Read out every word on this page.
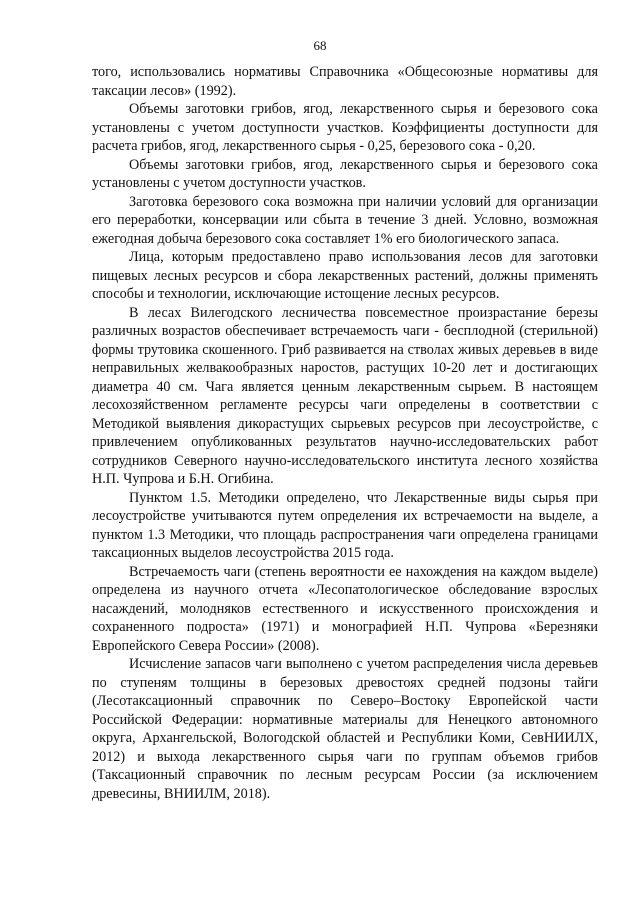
68

того, использовались нормативы Справочника «Общесоюзные нормативы для таксации лесов» (1992).

Объемы заготовки грибов, ягод, лекарственного сырья и березового сока установлены с учетом доступности участков. Коэффициенты доступности для расчета грибов, ягод, лекарственного сырья - 0,25, березового сока - 0,20.

Объемы заготовки грибов, ягод, лекарственного сырья и березового сока установлены с учетом доступности участков.

Заготовка березового сока возможна при наличии условий для организации его переработки, консервации или сбыта в течение 3 дней. Условно, возможная ежегодная добыча березового сока составляет 1% его биологического запаса.

Лица, которым предоставлено право использования лесов для заготовки пищевых лесных ресурсов и сбора лекарственных растений, должны применять способы и технологии, исключающие истощение лесных ресурсов.

В лесах Вилегодского лесничества повсеместное произрастание березы различных возрастов обеспечивает встречаемость чаги - бесплодной (стерильной) формы трутовика скошенного. Гриб развивается на стволах живых деревьев в виде неправильных желвакообразных наростов, растущих 10-20 лет и достигающих диаметра 40 см. Чага является ценным лекарственным сырьем. В настоящем лесохозяйственном регламенте ресурсы чаги определены в соответствии с Методикой выявления дикорастущих сырьевых ресурсов при лесоустройстве, с привлечением опубликованных результатов научно-исследовательских работ сотрудников Северного научно-исследовательского института лесного хозяйства Н.П. Чупрова и Б.Н. Огибина.

Пунктом 1.5. Методики определено, что Лекарственные виды сырья при лесоустройстве учитываются путем определения их встречаемости на выделе, а пунктом 1.3 Методики, что площадь распространения чаги определена границами таксационных выделов лесоустройства 2015 года.

Встречаемость чаги (степень вероятности ее нахождения на каждом выделе) определена из научного отчета «Лесопатологическое обследование взрослых насаждений, молодняков естественного и искусственного происхождения и сохраненного подроста» (1971) и монографией Н.П. Чупрова «Березняки Европейского Севера России» (2008).

Исчисление запасов чаги выполнено с учетом распределения числа деревьев по ступеням толщины в березовых древостоях средней подзоны тайги (Лесотаксационный справочник по Северо–Востоку Европейской части Российской Федерации: нормативные материалы для Ненецкого автономного округа, Архангельской, Вологодской областей и Республики Коми, СевНИИЛХ, 2012) и выхода лекарственного сырья чаги по группам объемов грибов (Таксационный справочник по лесным ресурсам России (за исключением древесины, ВНИИЛМ, 2018).
